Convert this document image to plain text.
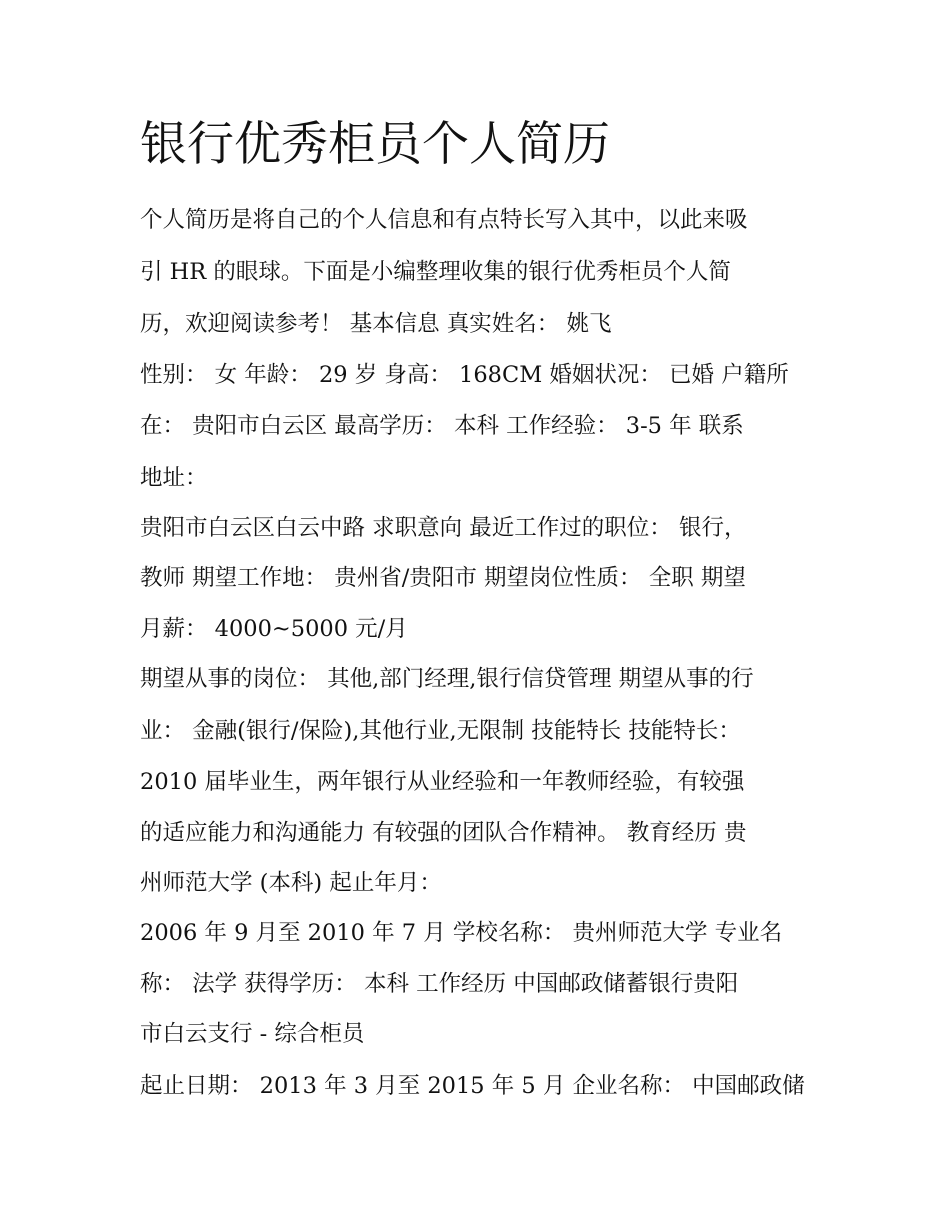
银行优秀柜员个人简历

个人简历是将自己的个人信息和有点特长写入其中，以此来吸

引 HR 的眼球。下面是小编整理收集的银行优秀柜员个人简

历，欢迎阅读参考！ 基本信息 真实姓名： 姚飞

性别： 女 年龄： 29 岁 身高： 168CM 婚姻状况： 已婚 户籍所

在： 贵阳市白云区 最高学历： 本科 工作经验： 3-5 年 联系

地址：

贵阳市白云区白云中路 求职意向 最近工作过的职位： 银行，

教师 期望工作地： 贵州省/贵阳市 期望岗位性质： 全职 期望

月薪： 4000~5000 元/月

期望从事的岗位： 其他,部门经理,银行信贷管理 期望从事的行

业： 金融(银行/保险),其他行业,无限制 技能特长 技能特长：

2010 届毕业生，两年银行从业经验和一年教师经验，有较强

的适应能力和沟通能力 有较强的团队合作精神。 教育经历 贵

州师范大学 (本科) 起止年月：

2006 年 9 月至 2010 年 7 月 学校名称： 贵州师范大学 专业名

称： 法学 获得学历： 本科 工作经历 中国邮政储蓄银行贵阳

市白云支行 - 综合柜员

起止日期： 2013 年 3 月至 2015 年 5 月 企业名称： 中国邮政储
